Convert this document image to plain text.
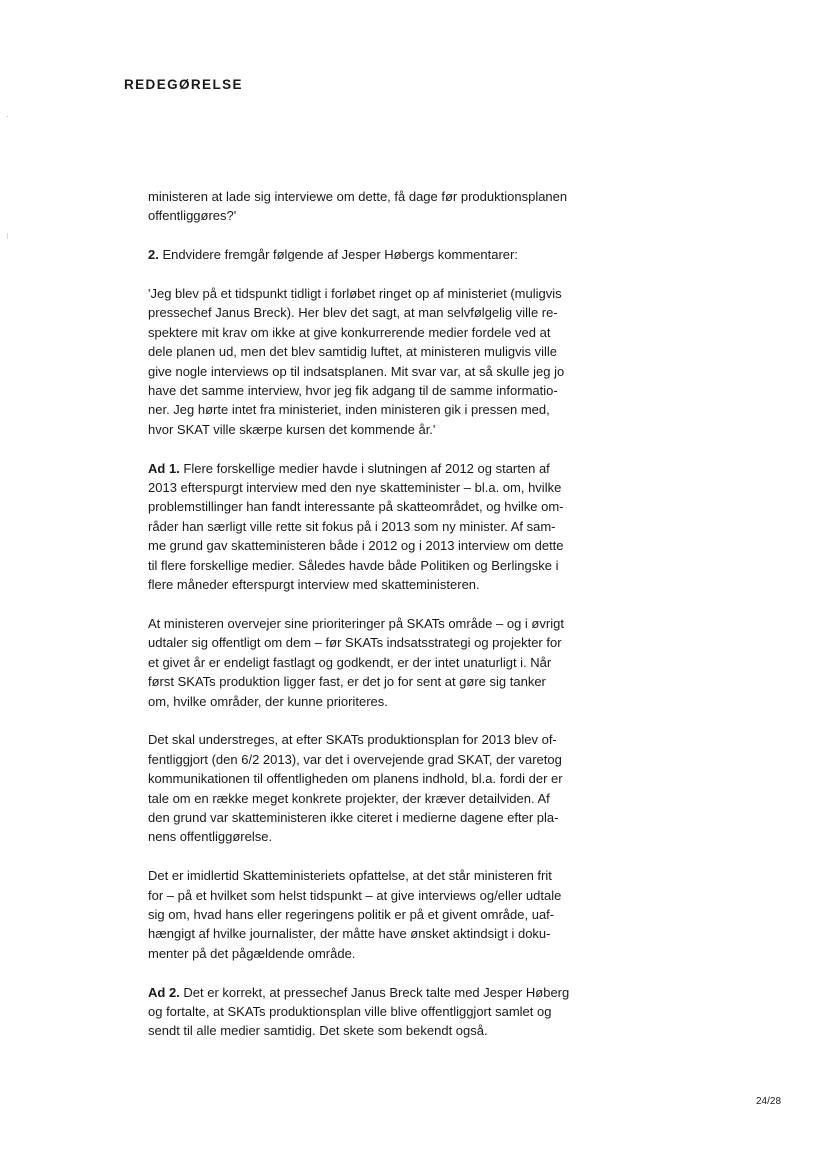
REDEGØRELSE
·
⁝
ministeren at lade sig interviewe om dette, få dage før produktionsplanen
offentliggøres?'
2. Endvidere fremgår følgende af Jesper Høbergs kommentarer:
'Jeg blev på et tidspunkt tidligt i forløbet ringet op af ministeriet (muligvis
pressechef Janus Breck). Her blev det sagt, at man selvfølgelig ville re-
spektere mit krav om ikke at give konkurrerende medier fordele ved at
dele planen ud, men det blev samtidig luftet, at ministeren muligvis ville
give nogle interviews op til indsatsplanen. Mit svar var, at så skulle jeg jo
have det samme interview, hvor jeg fik adgang til de samme informatio-
ner. Jeg hørte intet fra ministeriet, inden ministeren gik i pressen med,
hvor SKAT ville skærpe kursen det kommende år.'
Ad 1. Flere forskellige medier havde i slutningen af 2012 og starten af
2013 efterspurgt interview med den nye skatteminister – bl.a. om, hvilke
problemstillinger han fandt interessante på skatteområdet, og hvilke om-
råder han særligt ville rette sit fokus på i 2013 som ny minister. Af sam-
me grund gav skatteministeren både i 2012 og i 2013 interview om dette
til flere forskellige medier. Således havde både Politiken og Berlingske i
flere måneder efterspurgt interview med skatteministeren.
At ministeren overvejer sine prioriteringer på SKATs område – og i øvrigt
udtaler sig offentligt om dem – før SKATs indsatsstrategi og projekter for
et givet år er endeligt fastlagt og godkendt, er der intet unaturligt i. Når
først SKATs produktion ligger fast, er det jo for sent at gøre sig tanker
om, hvilke områder, der kunne prioriteres.
Det skal understreges, at efter SKATs produktionsplan for 2013 blev of-
fentliggjort (den 6/2 2013), var det i overvejende grad SKAT, der varetog
kommunikationen til offentligheden om planens indhold, bl.a. fordi der er
tale om en række meget konkrete projekter, der kræver detailviden. Af
den grund var skatteministeren ikke citeret i medierne dagene efter pla-
nens offentliggørelse.
Det er imidlertid Skatteministeriets opfattelse, at det står ministeren frit
for – på et hvilket som helst tidspunkt – at give interviews og/eller udtale
sig om, hvad hans eller regeringens politik er på et givent område, uaf-
hængigt af hvilke journalister, der måtte have ønsket aktindsigt i doku-
menter på det pågældende område.
Ad 2. Det er korrekt, at pressechef Janus Breck talte med Jesper Høberg
og fortalte, at SKATs produktionsplan ville blive offentliggjort samlet og
sendt til alle medier samtidig. Det skete som bekendt også.
24/28
